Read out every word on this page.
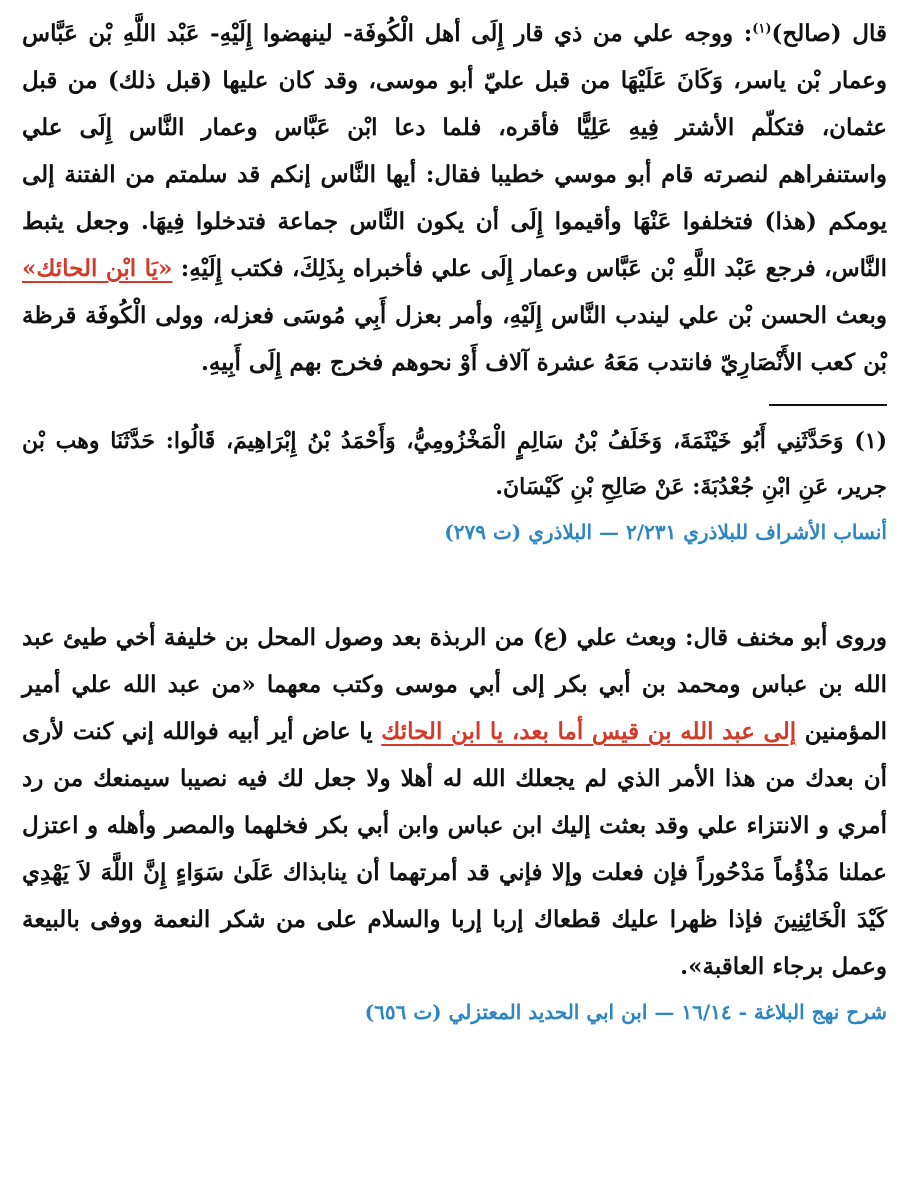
قال (صالح)$^{(١)}$: ووجه علي من ذي قار إِلَى أهل الْكُوفَة- لينهضوا إِلَيْهِ- عَبْد اللَّهِ بْن عَبَّاس وعمار بْن ياسر، وَكَانَ عَلَيْهَا من قبل عليّ أبو موسى، وقد كان عليها (قبل ذلك) من قبل عثمان، فتكلّم الأشتر فِيهِ عَلِيًّا فأقره، فلما دعا ابْن عَبَّاس وعمار النَّاس إِلَى علي واستنفراهم لنصرته قام أبو موسي خطيبا فقال: أيها النَّاس إنكم قد سلمتم من الفتنة إلى يومكم (هذا) فتخلفوا عَنْهَا وأقيموا إِلَى أن يكون النَّاس جماعة فتدخلوا فِيهَا. وجعل يثبط النَّاس، فرجع عَبْد اللَّهِ بْن عَبَّاس وعمار إِلَى علي فأخبراه بِذَلِكَ، فكتب إِلَيْهِ: «يَا ابْن الحائك» وبعث الحسن بْن علي ليندب النَّاس إِلَيْهِ، وأمر بعزل أَبِي مُوسَى فعزله، وولى الْكُوفَة قرظة بْن كعب الأَنْصَارِيّ فانتدب مَعَهُ عشرة آلاف أَوْ نحوهم فخرج بهم إِلَى أَبِيهِ.

(١) وَحَدَّثَنِي أَبُو خَيْثَمَةَ، وَخَلَفُ بْنُ سَالِمٍ الْمَخْزُومِيُّ، وَأَحْمَدُ بْنُ إِبْرَاهِيمَ، قَالُوا: حَدَّثَنَا وهب بْن جرير، عَنِ ابْنِ جُعْدُبَةَ: عَنْ صَالِحِ بْنِ كَيْسَانَ.

أنساب الأشراف للبلاذري ٢/٢٣١ — البلاذري (ت ٢٧٩)

وروى أبو مخنف قال: وبعث علي (ع) من الربذة بعد وصول المحل بن خليفة أخي طيئ عبد الله بن عباس ومحمد بن أبي بكر إلى أبي موسى وكتب معهما «من عبد الله علي أمير المؤمنين إلى عبد الله بن قيس أما بعد، يا ابن الحائك يا عاض أير أبيه فوالله إني كنت لأرى أن بعدك من هذا الأمر الذي لم يجعلك الله له أهلا ولا جعل لك فيه نصيبا سيمنعك من رد أمري و الانتزاء علي وقد بعثت إليك ابن عباس وابن أبي بكر فخلهما والمصر وأهله و اعتزل عملنا مَذْؤُماً مَدْحُوراً فإن فعلت وإلا فإني قد أمرتهما أن ينابذاك عَلَىٰ سَوَاءٍ إِنَّ اللَّهَ لاَ يَهْدِي كَيْدَ الْخَائِنِينَ فإذا ظهرا عليك قطعاك إربا إربا والسلام على من شكر النعمة ووفى بالبيعة وعمل برجاء العاقبة».

شرح نهج البلاغة - ١٦/١٤ — ابن ابي الحديد المعتزلي (ت ٦٥٦)
